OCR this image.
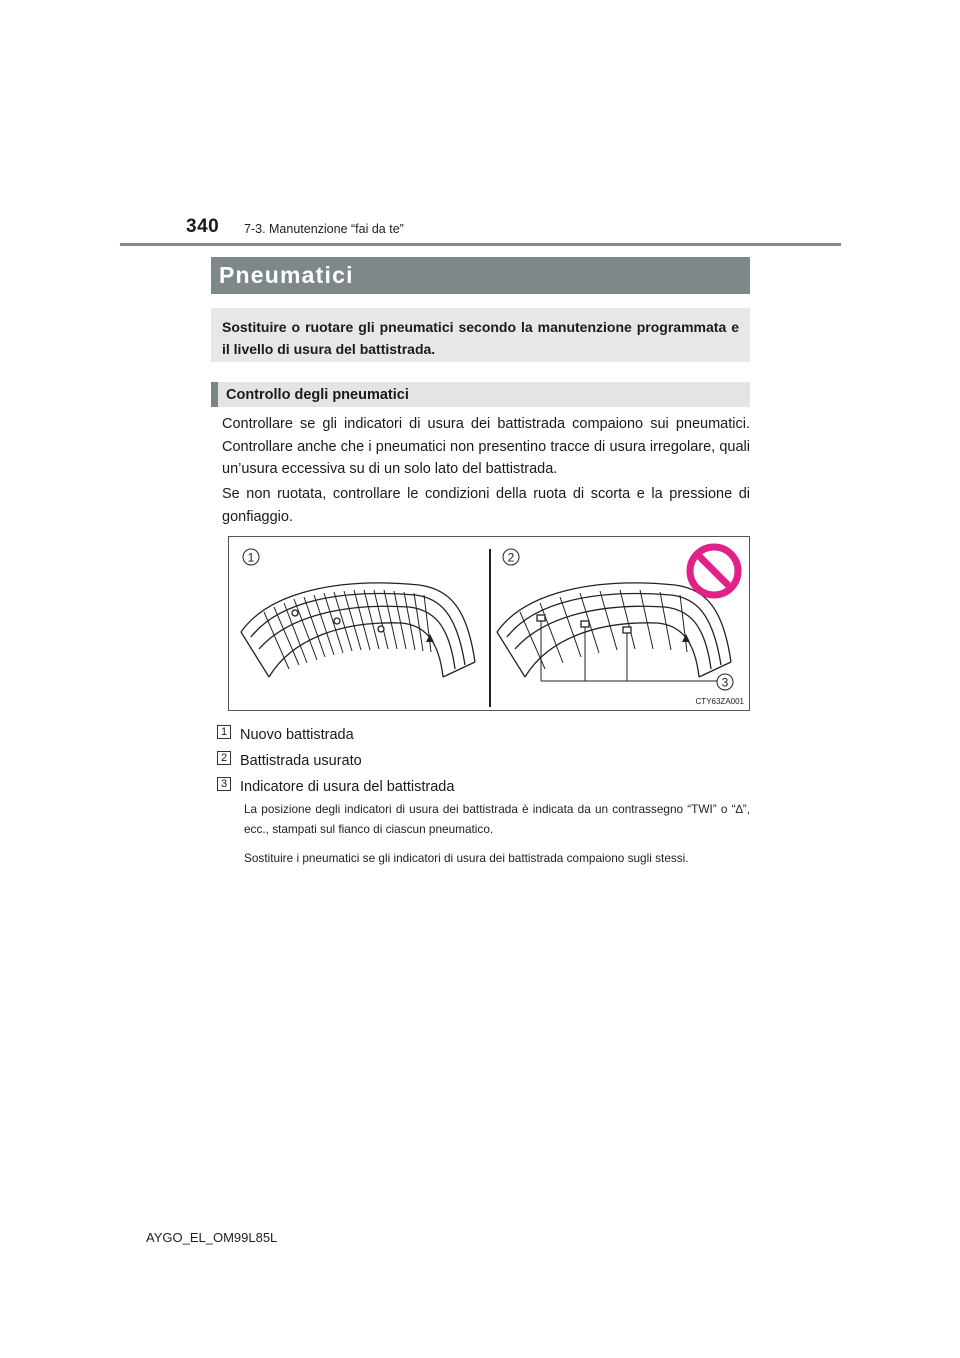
340 7-3. Manutenzione “fai da te”
Pneumatici
Sostituire o ruotare gli pneumatici secondo la manutenzione programmata e il livello di usura del battistrada.
Controllo degli pneumatici
Controllare se gli indicatori di usura dei battistrada compaiono sui pneumatici. Controllare anche che i pneumatici non presentino tracce di usura irregolare, quali un’usura eccessiva su di un solo lato del battistrada.
Se non ruotata, controllare le condizioni della ruota di scorta e la pressione di gonfiaggio.
1	2
3
CTY63ZA001
1 Nuovo battistrada
2 Battistrada usurato
3 Indicatore di usura del battistrada
La posizione degli indicatori di usura dei battistrada è indicata da un contrassegno “TWI” o “∆”, ecc., stampati sul fianco di ciascun pneumatico.
Sostituire i pneumatici se gli indicatori di usura dei battistrada compaiono sugli stessi.
AYGO_EL_OM99L85L
